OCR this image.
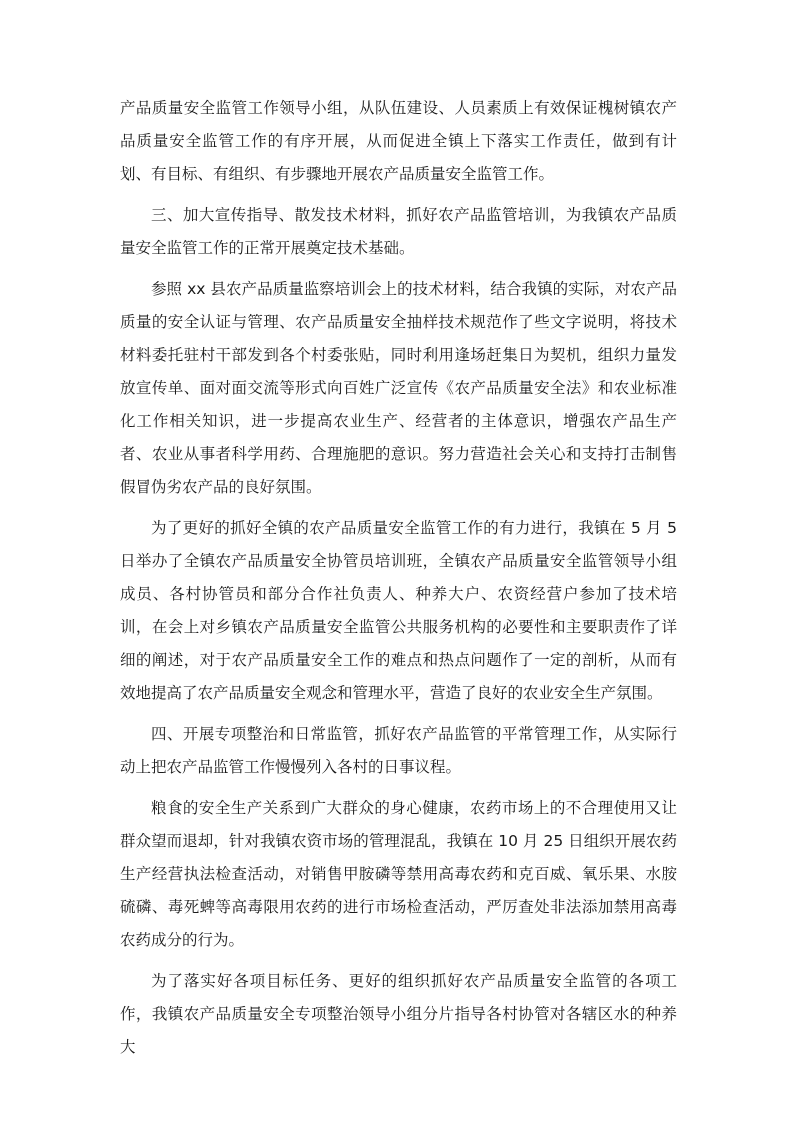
产品质量安全监管工作领导小组，从队伍建设、人员素质上有效保证槐树镇农产品质量安全监管工作的有序开展，从而促进全镇上下落实工作责任，做到有计划、有目标、有组织、有步骤地开展农产品质量安全监管工作。

三、加大宣传指导、散发技术材料，抓好农产品监管培训，为我镇农产品质量安全监管工作的正常开展奠定技术基础。

参照 xx 县农产品质量监察培训会上的技术材料，结合我镇的实际，对农产品质量的安全认证与管理、农产品质量安全抽样技术规范作了些文字说明，将技术材料委托驻村干部发到各个村委张贴，同时利用逢场赶集日为契机，组织力量发放宣传单、面对面交流等形式向百姓广泛宣传《农产品质量安全法》和农业标准化工作相关知识，进一步提高农业生产、经营者的主体意识，增强农产品生产者、农业从事者科学用药、合理施肥的意识。努力营造社会关心和支持打击制售假冒伪劣农产品的良好氛围。

为了更好的抓好全镇的农产品质量安全监管工作的有力进行，我镇在 5 月 5 日举办了全镇农产品质量安全协管员培训班，全镇农产品质量安全监管领导小组成员、各村协管员和部分合作社负责人、种养大户、农资经营户参加了技术培训，在会上对乡镇农产品质量安全监管公共服务机构的必要性和主要职责作了详细的阐述，对于农产品质量安全工作的难点和热点问题作了一定的剖析，从而有效地提高了农产品质量安全观念和管理水平，营造了良好的农业安全生产氛围。

四、开展专项整治和日常监管，抓好农产品监管的平常管理工作，从实际行动上把农产品监管工作慢慢列入各村的日事议程。

粮食的安全生产关系到广大群众的身心健康，农药市场上的不合理使用又让群众望而退却，针对我镇农资市场的管理混乱，我镇在 10 月 25 日组织开展农药生产经营执法检查活动，对销售甲胺磷等禁用高毒农药和克百威、氧乐果、水胺硫磷、毒死蜱等高毒限用农药的进行市场检查活动，严厉查处非法添加禁用高毒农药成分的行为。

为了落实好各项目标任务、更好的组织抓好农产品质量安全监管的各项工作，我镇农产品质量安全专项整治领导小组分片指导各村协管对各辖区水的种养大
